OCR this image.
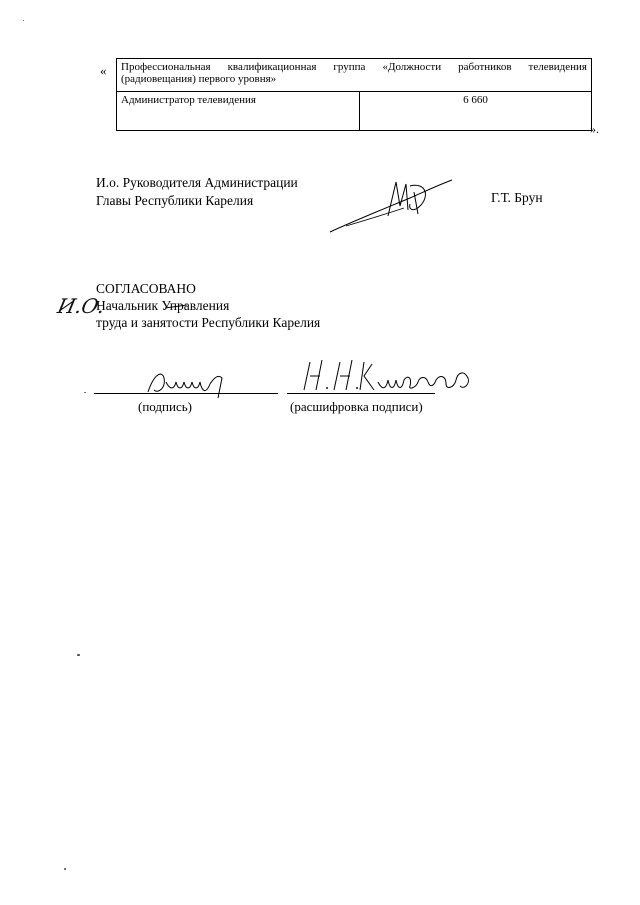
« Профессиональная квалификационная группа «Должности работников телевидения (радиовещания) первого уровня»
Администратор телевидения	6 660
».
И.о. Руководителя Администрации
Главы Республики Карелия	Г.Т. Брун
СОГЛАСОВАНО
Начальник Управления
труда и занятости Республики Карелия
И.О.
(подпись)	(расшифровка подписи)
